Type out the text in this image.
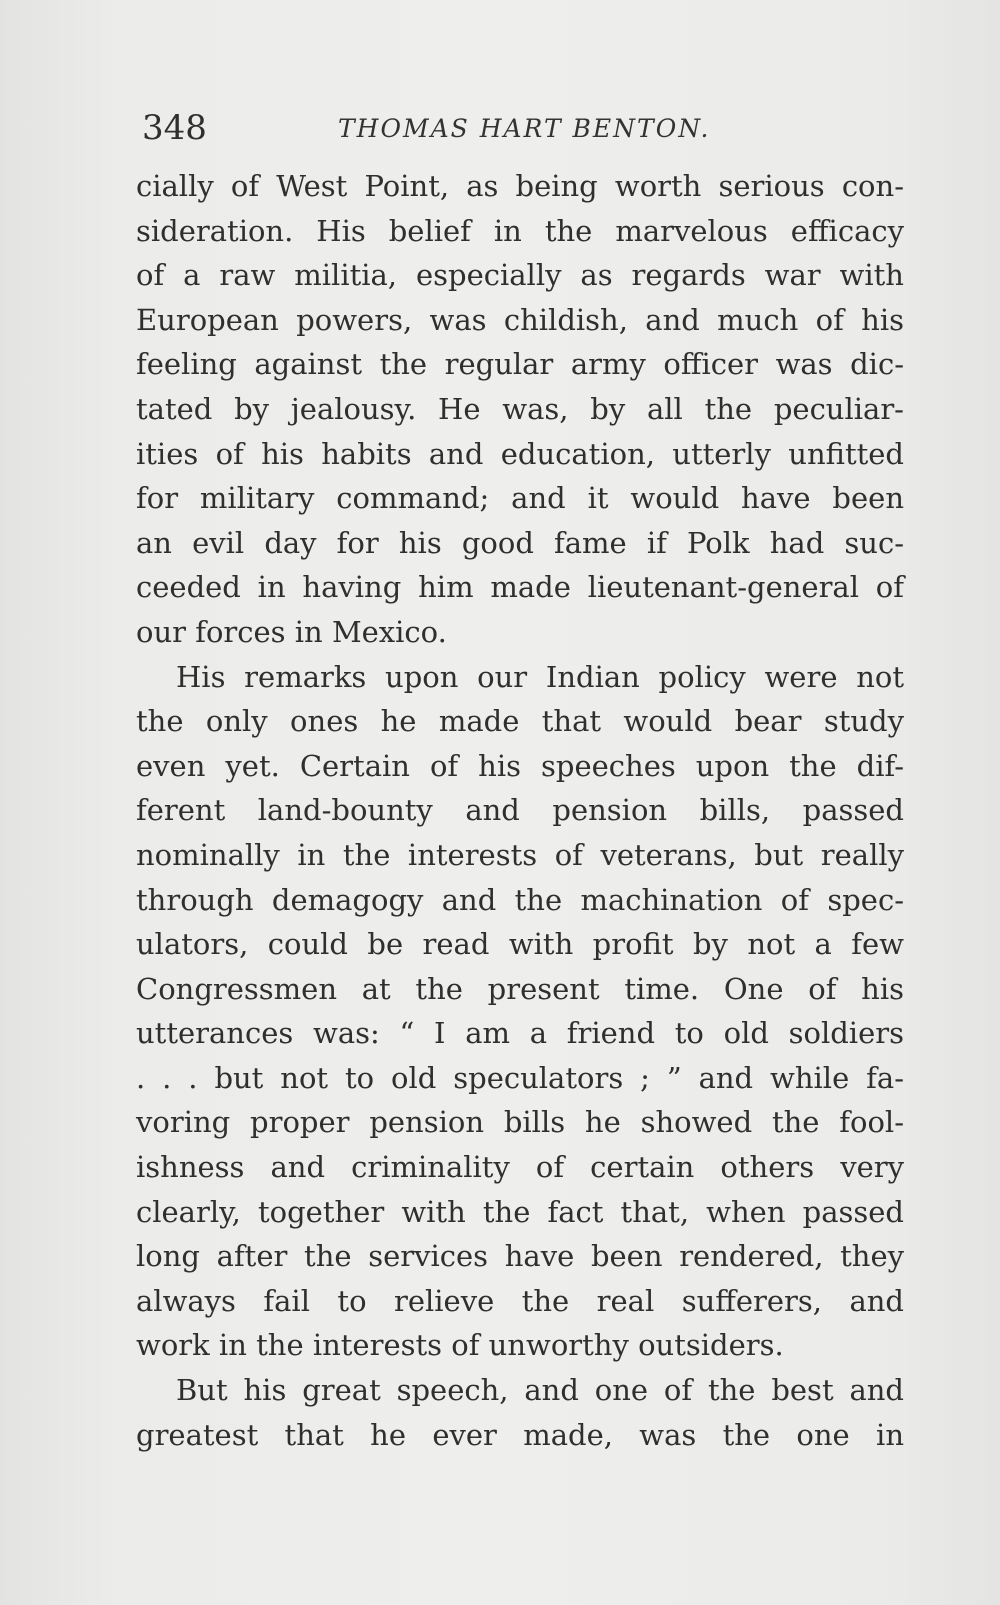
348	THOMAS HART BENTON.
cially of West Point, as being worth serious con-
sideration. His belief in the marvelous efficacy
of a raw militia, especially as regards war with
European powers, was childish, and much of his
feeling against the regular army officer was dic-
tated by jealousy. He was, by all the peculiar-
ities of his habits and education, utterly unfitted
for military command; and it would have been
an evil day for his good fame if Polk had suc-
ceeded in having him made lieutenant-general of
our forces in Mexico.
His remarks upon our Indian policy were not
the only ones he made that would bear study
even yet. Certain of his speeches upon the dif-
ferent land-bounty and pension bills, passed
nominally in the interests of veterans, but really
through demagogy and the machination of spec-
ulators, could be read with profit by not a few
Congressmen at the present time. One of his
utterances was: “ I am a friend to old soldiers
. . . but not to old speculators ; ” and while fa-
voring proper pension bills he showed the fool-
ishness and criminality of certain others very
clearly, together with the fact that, when passed
long after the services have been rendered, they
always fail to relieve the real sufferers, and
work in the interests of unworthy outsiders.
But his great speech, and one of the best and
greatest that he ever made, was the one in
